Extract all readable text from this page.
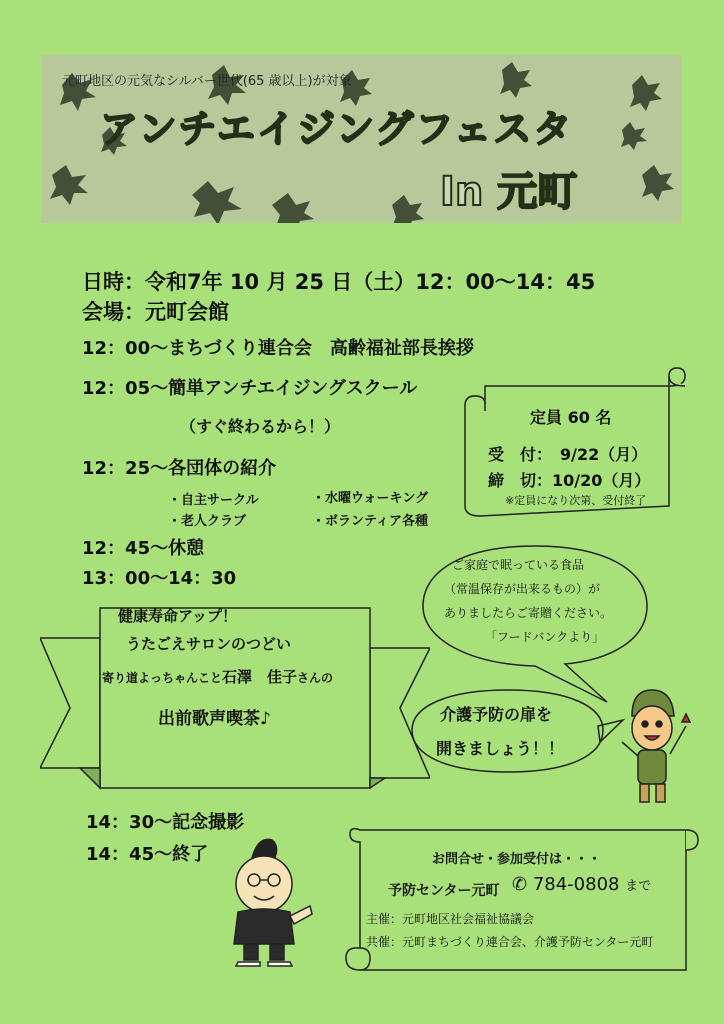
元町地区の元気なシルバー世代(65 歳以上)が対象
アンチエイジングフェスタ
In 元町
日時：令和7年 10 月 25 日（土）12：00～14：45
会場：元町会館
12：00～まちづくり連合会　高齢福祉部長挨拶
12：05～簡単アンチエイジングスクール
（すぐ終わるから！）
12：25～各団体の紹介
・自主サークル	・水曜ウォーキング
・老人クラブ	・ボランティア各種
12：45～休憩
13：00～14：30
健康寿命アップ！
うたごえサロンのつどい
寄り道よっちゃんこと石澤　佳子さんの
出前歌声喫茶♪
14：30～記念撮影
14：45～終了
定員 60 名
受　付：　9/22（月）
締　切：10/20（月）
※定員になり次第、受付終了
ご家庭で眠っている食品
（常温保存が出来るもの）が
ありましたらご寄贈ください。
「フードバンクより」
介護予防の扉を
開きましょう！！
お問合せ・参加受付は・・・
予防センター元町 ✆ 784-0808 まで
主催：元町地区社会福祉協議会
共催：元町まちづくり連合会、介護予防センター元町
